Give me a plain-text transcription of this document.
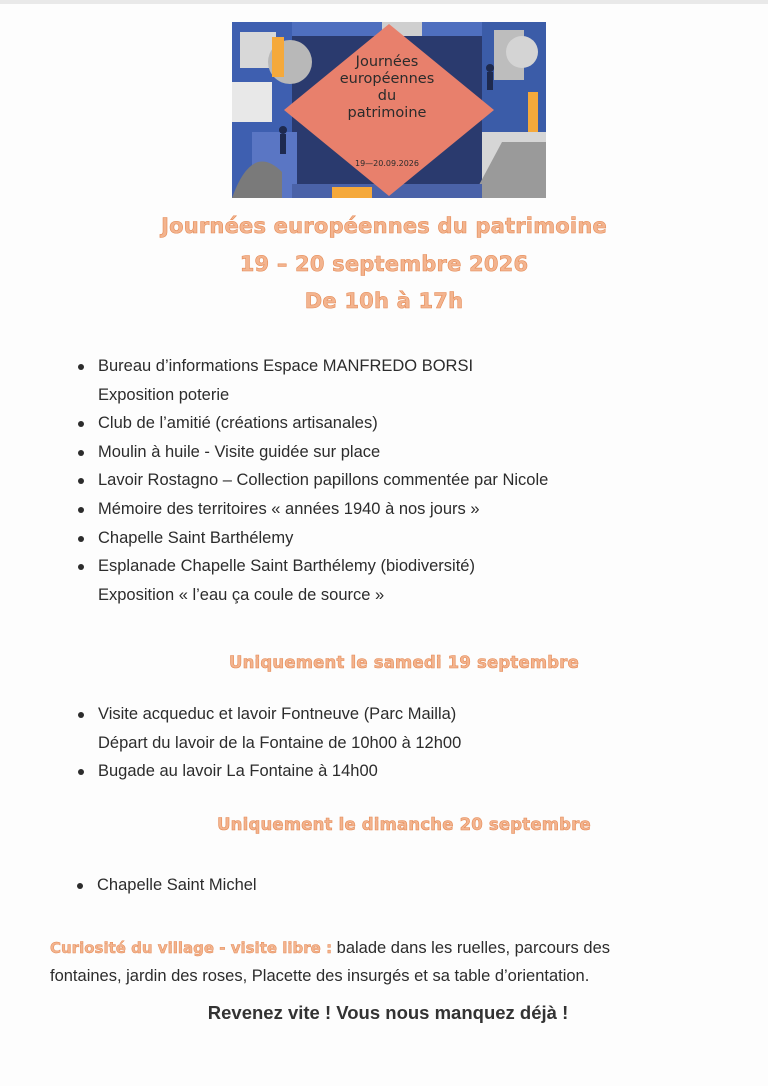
Journées
européennes
du
patrimoine
19—20.09.2026
Journées européennes du patrimoine
19 – 20 septembre 2026
De 10h à 17h
Bureau d’informations Espace MANFREDO BORSI
Exposition poterie
Club de l’amitié (créations artisanales)
Moulin à huile - Visite guidée sur place
Lavoir Rostagno – Collection papillons commentée par Nicole
Mémoire des territoires « années 1940 à nos jours »
Chapelle Saint Barthélemy
Esplanade Chapelle Saint Barthélemy (biodiversité)
Exposition « l’eau ça coule de source »
Uniquement le samedi 19 septembre
Visite acqueduc et lavoir Fontneuve (Parc Mailla)
Départ du lavoir de la Fontaine de 10h00 à 12h00
Bugade au lavoir La Fontaine à 14h00
Uniquement le dimanche 20 septembre
Chapelle Saint Michel
Curiosité du village - visite libre : balade dans les ruelles, parcours des
fontaines, jardin des roses, Placette des insurgés et sa table d’orientation.
Revenez vite ! Vous nous manquez déjà !
